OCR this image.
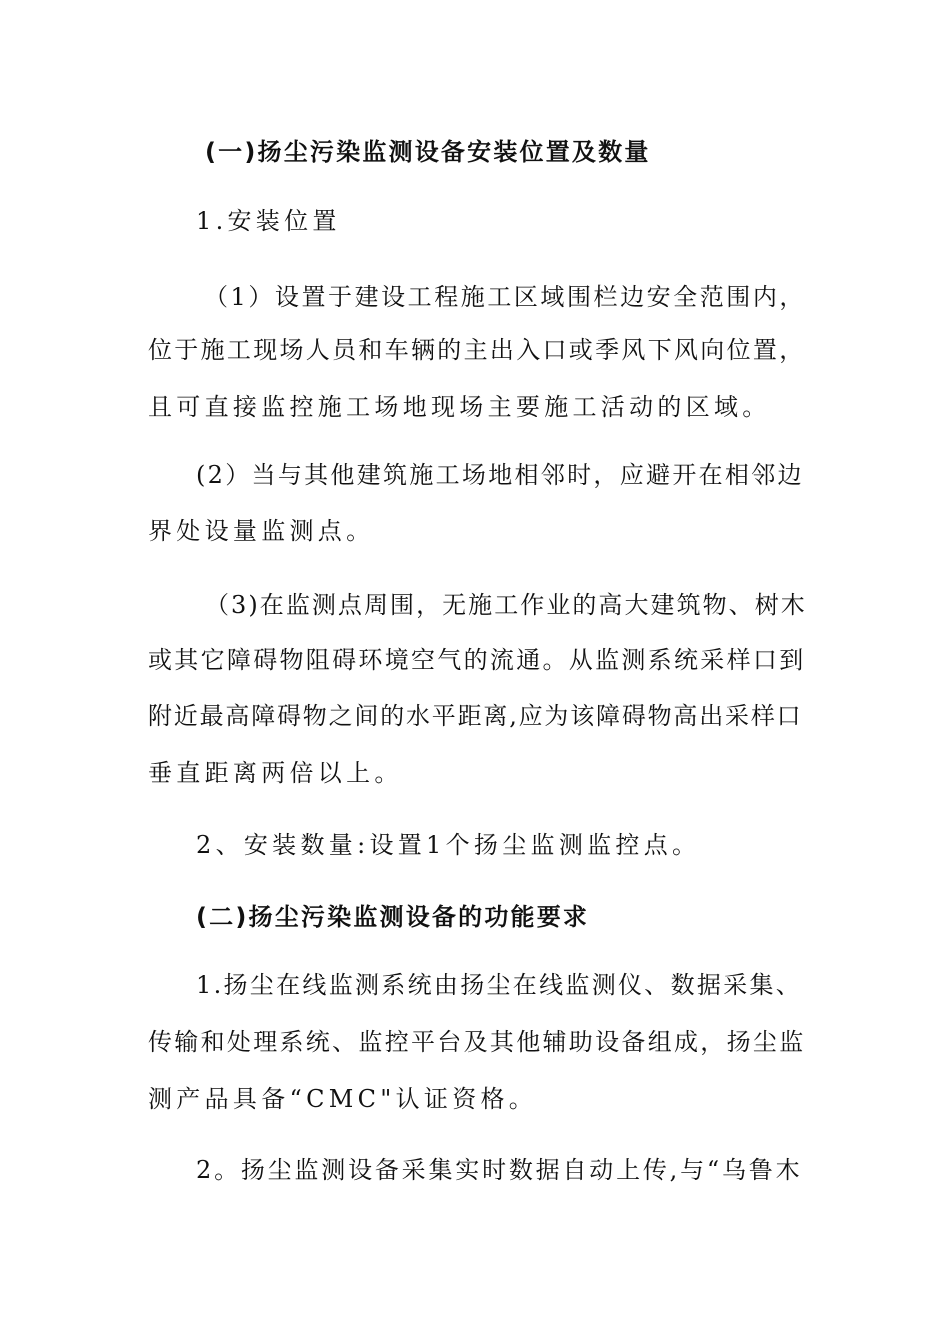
(一)扬尘污染监测设备安装位置及数量

1.安装位置

（1）设置于建设工程施工区域围栏边安全范围内，

位于施工现场人员和车辆的主出入口或季风下风向位置，

且可直接监控施工场地现场主要施工活动的区域。

(2）当与其他建筑施工场地相邻时，应避开在相邻边

界处设量监测点。

（3)在监测点周围，无施工作业的高大建筑物、树木

或其它障碍物阻碍环境空气的流通。从监测系统采样口到

附近最高障碍物之间的水平距离,应为该障碍物高出采样口

垂直距离两倍以上。

2、安装数量:设置1个扬尘监测监控点。

(二)扬尘污染监测设备的功能要求

1.扬尘在线监测系统由扬尘在线监测仪、数据采集、

传输和处理系统、监控平台及其他辅助设备组成，扬尘监

测产品具备“CMC"认证资格。

2。扬尘监测设备采集实时数据自动上传,与“乌鲁木
